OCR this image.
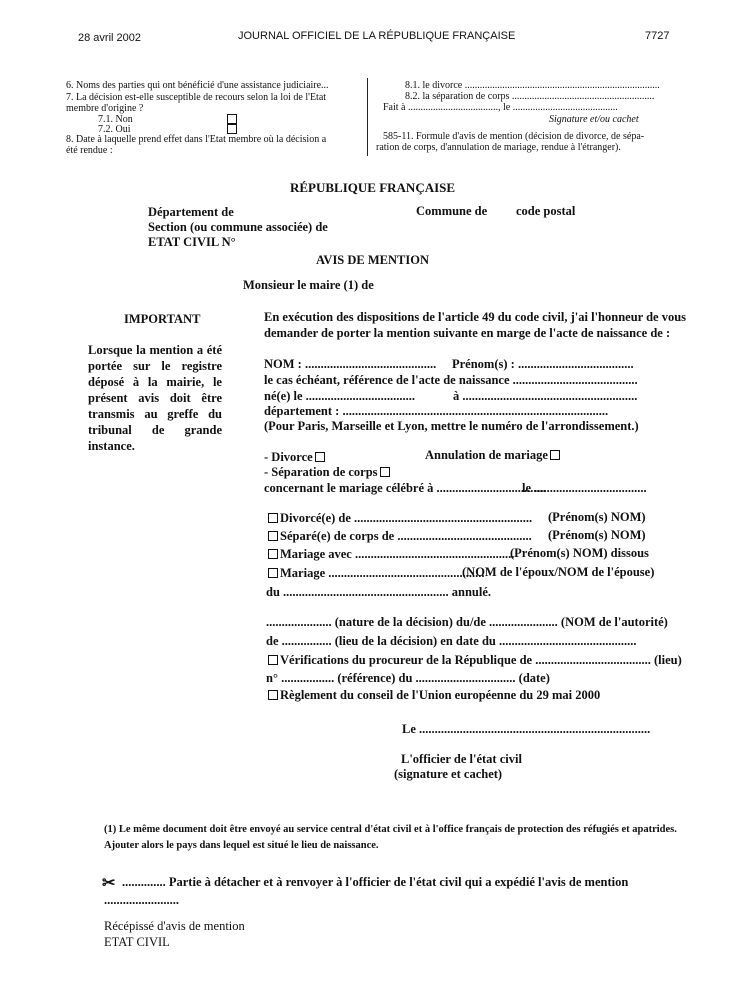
28 avril 2002	JOURNAL OFFICIEL DE LA RÉPUBLIQUE FRANÇAISE	7727
6. Noms des parties qui ont bénéficié d'une assistance judiciaire...
7. La décision est-elle susceptible de recours selon la loi de l'Etat
membre d'origine ?
7.1. Non
7.2. Oui
8. Date à laquelle prend effet dans l'Etat membre où la décision a
été rendue :
8.1. le divorce ..............................................................................
8.2. la séparation de corps .........................................................
Fait à ...................................., le ..........................................
Signature et/ou cachet
585-11. Formule d'avis de mention (décision de divorce, de sépa-
ration de corps, d'annulation de mariage, rendue à l'étranger).
RÉPUBLIQUE FRANÇAISE
Département de	Commune de code postal
Section (ou commune associée) de
ETAT CIVIL N°
AVIS DE MENTION
Monsieur le maire (1) de
IMPORTANT
Lorsque la mention a été portée sur le registre déposé à la mairie, le présent avis doit être transmis au greffe du tribunal de grande instance.
En exécution des dispositions de l'article 49 du code civil, j'ai l'honneur de vous
demander de porter la mention suivante en marge de l'acte de naissance de :
NOM : .......................................... Prénom(s) : .....................................
le cas échéant, référence de l'acte de naissance ........................................
né(e) le ...................................	à ........................................................
département : .....................................................................................
(Pour Paris, Marseille et Lyon, mettre le numéro de l'arrondissement.)
- Divorce	Annulation de mariage
- Séparation de corps
concernant le mariage célébré à ...................................
le ....................................
Divorcé(e) de ......................................................... (Prénom(s) NOM)
Séparé(e) de corps de ........................................... (Prénom(s) NOM)
Mariage avec ...................................................
(Prénom(s) NOM) dissous
Mariage ..................................................
(NOM de l'époux/NOM de l'épouse)
du ..................................................... annulé.
..................... (nature de la décision) du/de ...................... (NOM de l'autorité)
de ................ (lieu de la décision) en date du ............................................
Vérifications du procureur de la République de ..................................... (lieu)
n° ................. (référence) du ................................ (date)
Règlement du conseil de l'Union européenne du 29 mai 2000
Le ..........................................................................
L'officier de l'état civil
(signature et cachet)
(1) Le même document doit être envoyé au service central d'état civil et à l'office français de protection des réfugiés et apatrides.
Ajouter alors le pays dans lequel est situé le lieu de naissance.
✂ .............. Partie à détacher et à renvoyer à l'officier de l'état civil qui a expédié l'avis de mention
........................
Récépissé d'avis de mention
ETAT CIVIL
